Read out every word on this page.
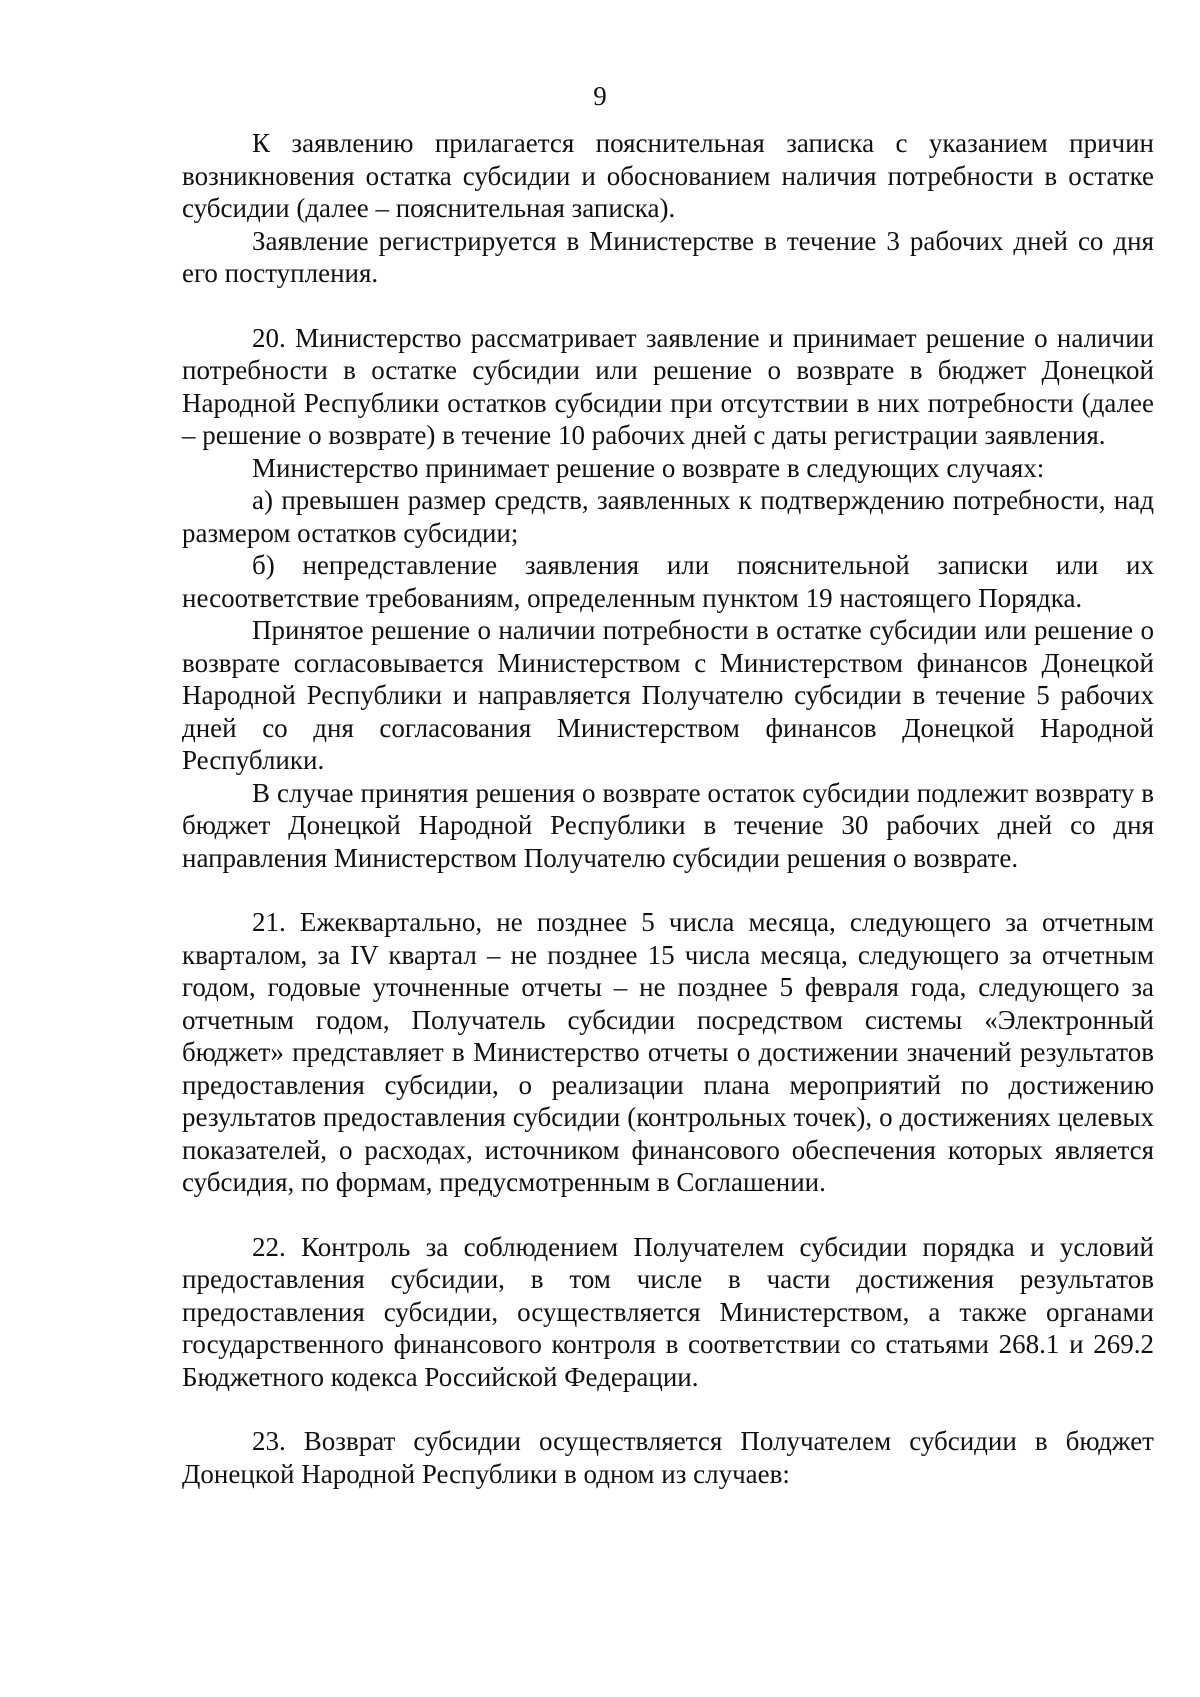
9

К заявлению прилагается пояснительная записка с указанием причин возникновения остатка субсидии и обоснованием наличия потребности в остатке субсидии (далее – пояснительная записка).

Заявление регистрируется в Министерстве в течение 3 рабочих дней со дня его поступления.

20. Министерство рассматривает заявление и принимает решение о наличии потребности в остатке субсидии или решение о возврате в бюджет Донецкой Народной Республики остатков субсидии при отсутствии в них потребности (далее – решение о возврате) в течение 10 рабочих дней с даты регистрации заявления.

Министерство принимает решение о возврате в следующих случаях:

а) превышен размер средств, заявленных к подтверждению потребности, над размером остатков субсидии;

б) непредставление заявления или пояснительной записки или их несоответствие требованиям, определенным пунктом 19 настоящего Порядка.

Принятое решение о наличии потребности в остатке субсидии или решение о возврате согласовывается Министерством с Министерством финансов Донецкой Народной Республики и направляется Получателю субсидии в течение 5 рабочих дней со дня согласования Министерством финансов Донецкой Народной Республики.

В случае принятия решения о возврате остаток субсидии подлежит возврату в бюджет Донецкой Народной Республики в течение 30 рабочих дней со дня направления Министерством Получателю субсидии решения о возврате.

21. Ежеквартально, не позднее 5 числа месяца, следующего за отчетным кварталом, за IV квартал – не позднее 15 числа месяца, следующего за отчетным годом, годовые уточненные отчеты – не позднее 5 февраля года, следующего за отчетным годом, Получатель субсидии посредством системы «Электронный бюджет» представляет в Министерство отчеты о достижении значений результатов предоставления субсидии, о реализации плана мероприятий по достижению результатов предоставления субсидии (контрольных точек), о достижениях целевых показателей, о расходах, источником финансового обеспечения которых является субсидия, по формам, предусмотренным в Соглашении.

22. Контроль за соблюдением Получателем субсидии порядка и условий предоставления субсидии, в том числе в части достижения результатов предоставления субсидии, осуществляется Министерством, а также органами государственного финансового контроля в соответствии со статьями 268.1 и 269.2 Бюджетного кодекса Российской Федерации.

23. Возврат субсидии осуществляется Получателем субсидии в бюджет Донецкой Народной Республики в одном из случаев:
